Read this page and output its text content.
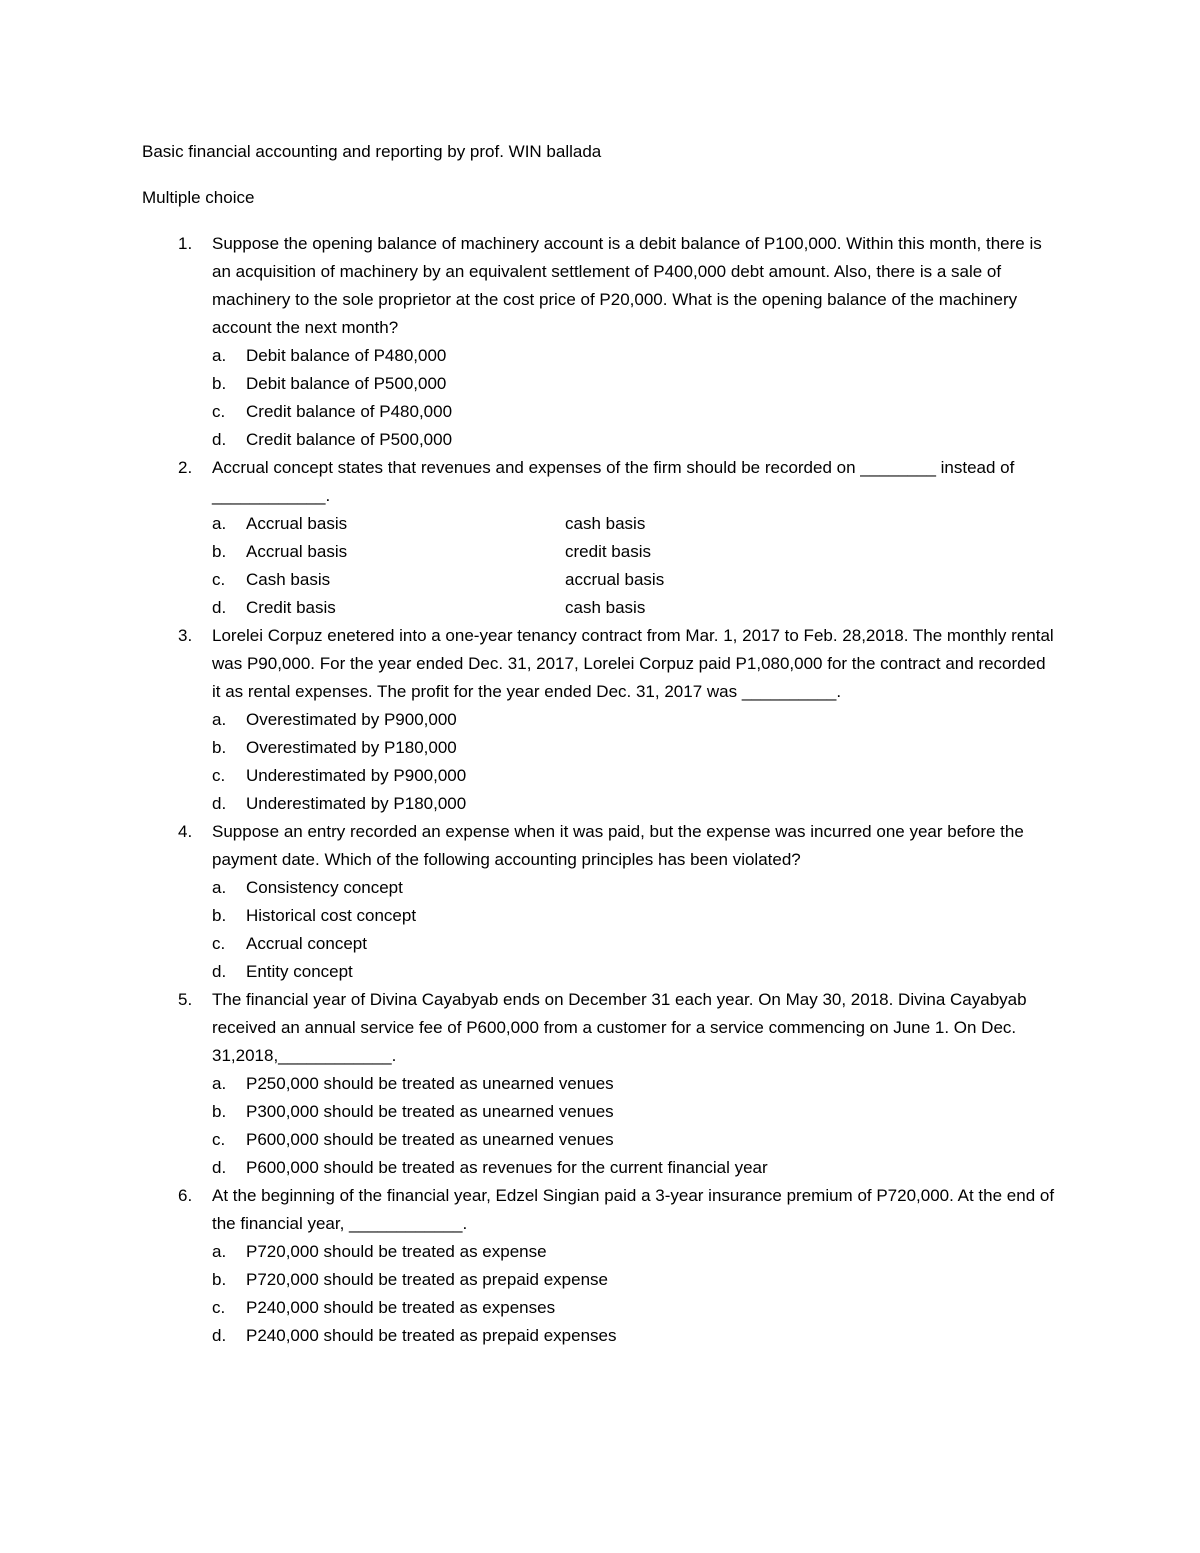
Basic financial accounting and reporting by prof. WIN ballada

Multiple choice

1.	Suppose the opening balance of machinery account is a debit balance of P100,000. Within this month, there is an acquisition of machinery by an equivalent settlement of P400,000 debt amount. Also, there is a sale of machinery to the sole proprietor at the cost price of P20,000. What is the opening balance of the machinery account the next month?
a.	Debit balance of P480,000
b.	Debit balance of P500,000
c.	Credit balance of P480,000
d.	Credit balance of P500,000
2.	Accrual concept states that revenues and expenses of the firm should be recorded on ________ instead of ____________.
a.	Accrual basis	cash basis
b.	Accrual basis	credit basis
c.	Cash basis	accrual basis
d.	Credit basis	cash basis
3.	Lorelei Corpuz enetered into a one-year tenancy contract from Mar. 1, 2017 to Feb. 28,2018. The monthly rental was P90,000. For the year ended Dec. 31, 2017, Lorelei Corpuz paid P1,080,000 for the contract and recorded it as rental expenses. The profit for the year ended Dec. 31, 2017 was __________.
a.	Overestimated by P900,000
b.	Overestimated by P180,000
c.	Underestimated by P900,000
d.	Underestimated by P180,000
4.	Suppose an entry recorded an expense when it was paid, but the expense was incurred one year before the payment date. Which of the following accounting principles has been violated?
a.	Consistency concept
b.	Historical cost concept
c.	Accrual concept
d.	Entity concept
5.	The financial year of Divina Cayabyab ends on December 31 each year. On May 30, 2018. Divina Cayabyab received an annual service fee of P600,000 from a customer for a service commencing on June 1. On Dec. 31,2018,____________.
a.	P250,000 should be treated as unearned venues
b.	P300,000 should be treated as unearned venues
c.	P600,000 should be treated as unearned venues
d.	P600,000 should be treated as revenues for the current financial year
6.	At the beginning of the financial year, Edzel Singian paid a 3-year insurance premium of P720,000. At the end of the financial year, ____________.
a.	P720,000 should be treated as expense
b.	P720,000 should be treated as prepaid expense
c.	P240,000 should be treated as expenses
d.	P240,000 should be treated as prepaid expenses
